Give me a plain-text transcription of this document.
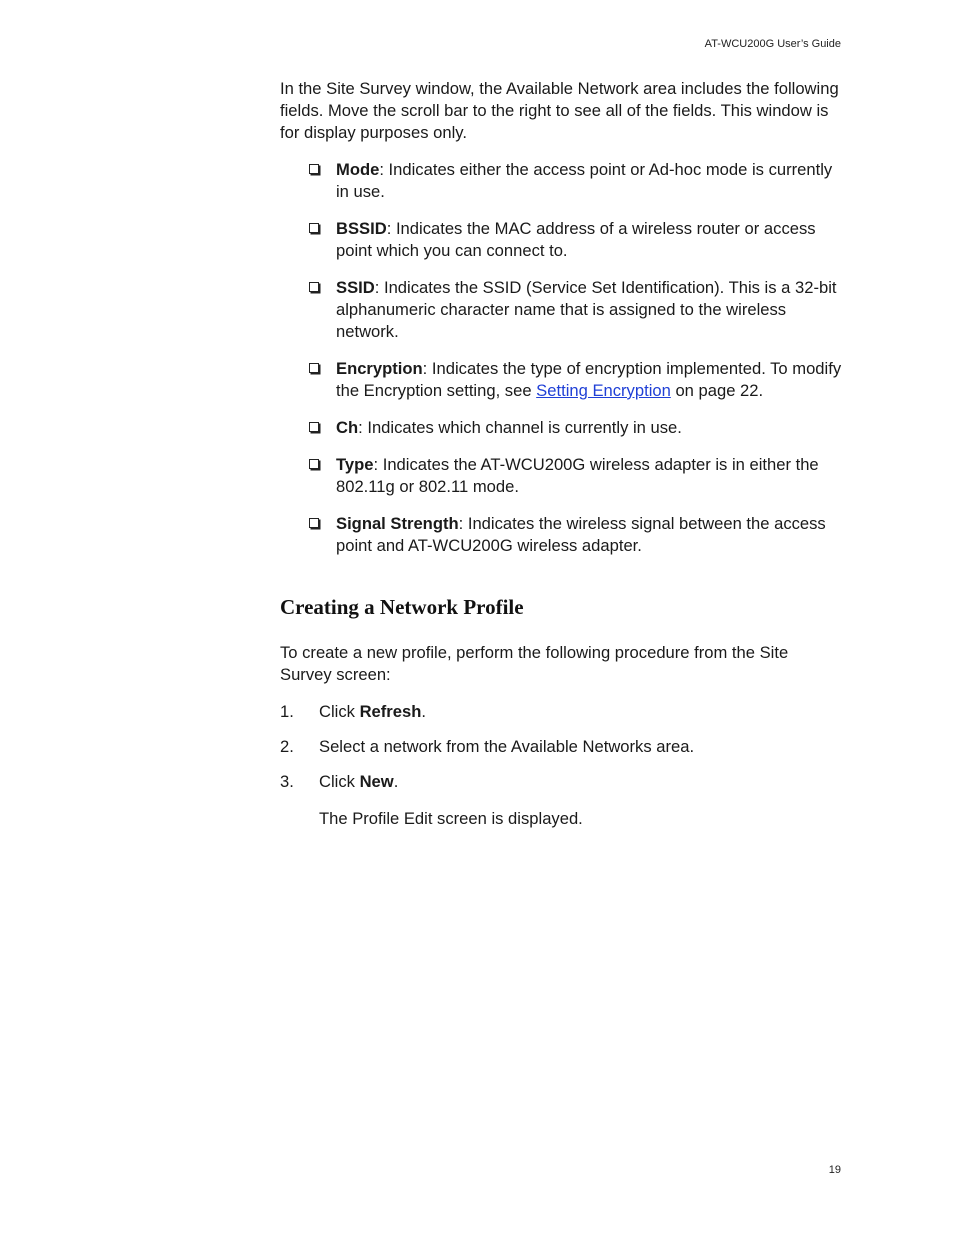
AT-WCU200G User’s Guide

In the Site Survey window, the Available Network area includes the following fields. Move the scroll bar to the right to see all of the fields. This window is for display purposes only.

Mode: Indicates either the access point or Ad-hoc mode is currently in use.
BSSID: Indicates the MAC address of a wireless router or access point which you can connect to.
SSID: Indicates the SSID (Service Set Identification). This is a 32-bit alphanumeric character name that is assigned to the wireless network.
Encryption: Indicates the type of encryption implemented. To modify the Encryption setting, see Setting Encryption on page 22.
Ch: Indicates which channel is currently in use.
Type: Indicates the AT-WCU200G wireless adapter is in either the 802.11g or 802.11 mode.
Signal Strength: Indicates the wireless signal between the access point and AT-WCU200G wireless adapter.
Creating a Network Profile

To create a new profile, perform the following procedure from the Site Survey screen:

1. Click Refresh.
2. Select a network from the Available Networks area.
3. Click New.

The Profile Edit screen is displayed.

19
